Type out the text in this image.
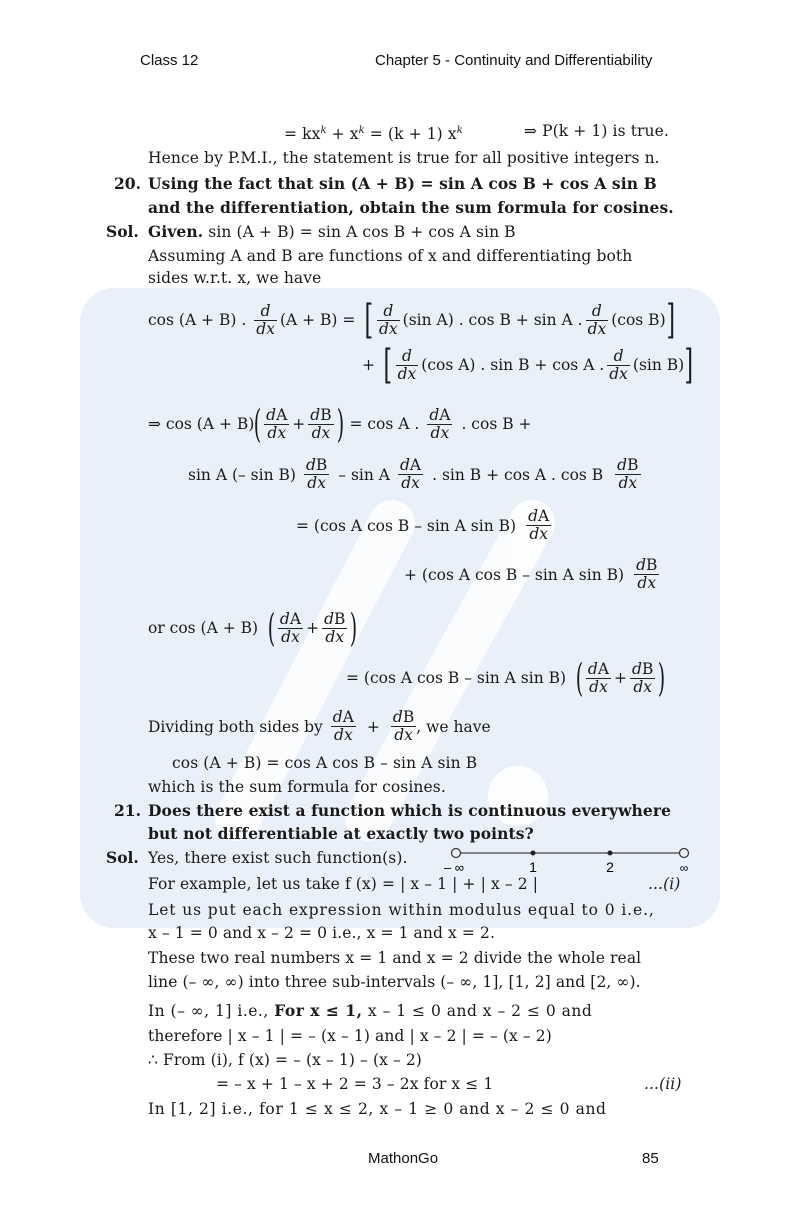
Class 12	Chapter 5 - Continuity and Differentiability
= $kx^k + x^k = (k + 1)$ $x^k$	⇒ P(k + 1) is true.
Hence by P.M.I., the statement is true for all positive integers n.
20. Using the fact that sin (A + B) = sin A cos B + cos A sin B
and the differentiation, obtain the sum formula for cosines.
Sol. Given. sin (A + B) = sin A cos B + cos A sin B
Assuming A and B are functions of x and differentiating both
sides w.r.t. x, we have
cos (A + B) . $\frac{d}{dx} (A + B)$ = [ $\frac{d}{dx} (\sin$ A) . cos B + sin A . $\frac{d}{dx} (\cos$ B) ]
+ [ $\frac{d}{dx} (\cos$ A) . sin B + cos A . $\frac{d}{dx} (\sin$ B) ]
⇒ cos (A + B) ( $\frac{dA}{dx} + \frac{dB}{dx}$ ) = cos A . $\frac{dA}{dx}$ . cos B +
sin A (– $\sin B) \frac{dB}{dx}$ – sin A $\frac{dA}{dx}$ . sin B + cos A . cos B $\frac{dB}{dx}$
= (cos A cos B – sin A $\sin B) \frac{dA}{dx}$
+ (cos A cos B – sin A $\sin B) \frac{dB}{dx}$
or cos (A + B) ( $\frac{dA}{dx} + \frac{dB}{dx}$ )
= (cos A cos B – sin A sin B) ( $\frac{dA}{dx} + \frac{dB}{dx}$ )
Dividing both sides by $\frac{dA}{dx} + \frac{dB}{dx}$ , we have
cos (A + B) = cos A cos B – sin A sin B
which is the sum formula for cosines.
21. Does there exist a function which is continuous everywhere
but not differentiable at exactly two points?
Sol. Yes, there exist such function(s).
– ∞	1	2	∞
For example, let us take f (x) = | x – 1 | + | x – 2 |	...(i)
Let us put each expression within modulus equal to 0 i.e.,
x – 1 = 0 and x – 2 = 0 i.e., x = 1 and x = 2.
These two real numbers x = 1 and x = 2 divide the whole real
line (– ∞, ∞) into three sub-intervals (– ∞, 1], [1, 2] and [2, ∞).
In (– ∞, 1] i.e., For x ≤ 1, x – 1 ≤ 0 and x – 2 ≤ 0 and
therefore | x – 1 | = – (x – 1) and | x – 2 | = – (x – 2)
∴ From (i), f (x) = – (x – 1) – (x – 2)
= – x + 1 – x + 2 = 3 – 2x for x ≤ 1	...(ii)
In [1, 2] i.e., for 1 ≤ x ≤ 2, x – 1 ≥ 0 and x – 2 ≤ 0 and
MathonGo	85
